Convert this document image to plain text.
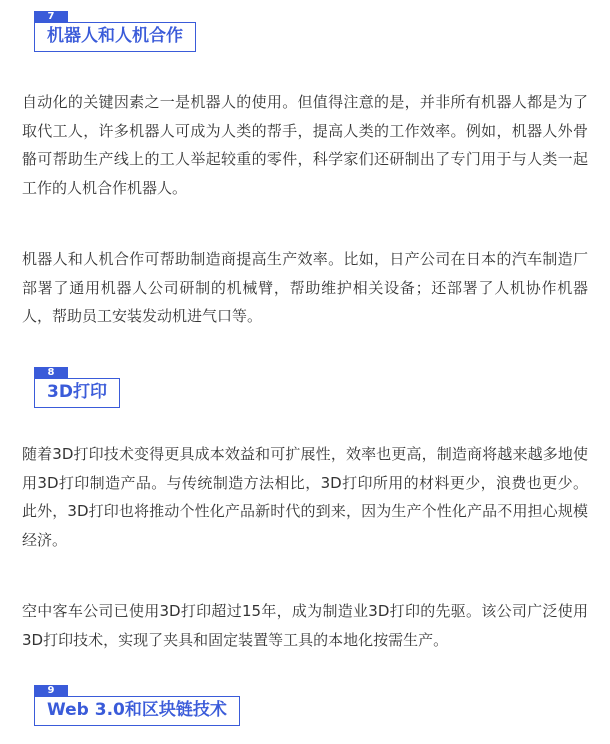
7
机器人和人机合作

自动化的关键因素之一是机器人的使用。但值得注意的是，并非所有机器人都是为了取代工人，许多机器人可成为人类的帮手，提高人类的工作效率。例如，机器人外骨骼可帮助生产线上的工人举起较重的零件，科学家们还研制出了专门用于与人类一起工作的人机合作机器人。

机器人和人机合作可帮助制造商提高生产效率。比如，日产公司在日本的汽车制造厂部署了通用机器人公司研制的机械臂，帮助维护相关设备；还部署了人机协作机器人，帮助员工安装发动机进气口等。

8
3D打印

随着3D打印技术变得更具成本效益和可扩展性，效率也更高，制造商将越来越多地使用3D打印制造产品。与传统制造方法相比，3D打印所用的材料更少，浪费也更少。此外，3D打印也将推动个性化产品新时代的到来，因为生产个性化产品不用担心规模经济。

空中客车公司已使用3D打印超过15年，成为制造业3D打印的先驱。该公司广泛使用3D打印技术，实现了夹具和固定装置等工具的本地化按需生产。

9
Web 3.0和区块链技术
